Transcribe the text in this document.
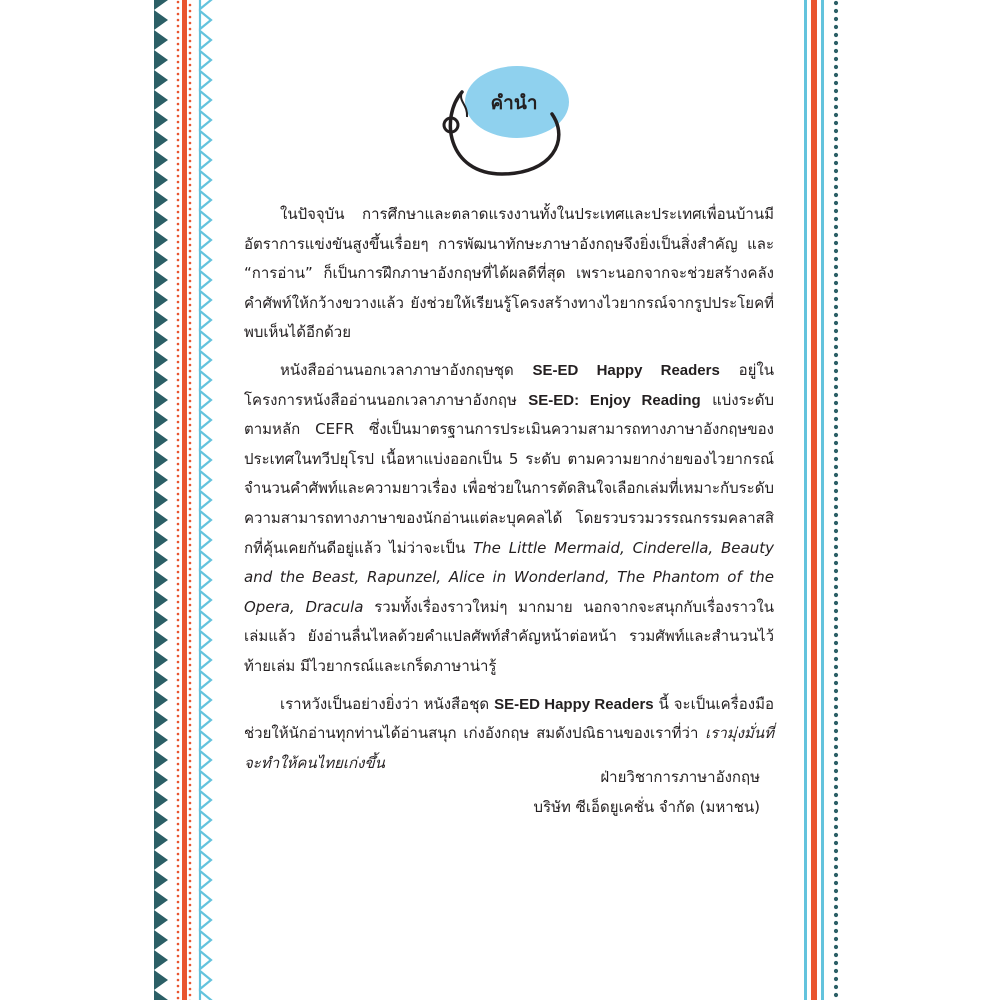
คำนำ

ในปัจจุบัน การศึกษาและตลาดแรงงานทั้งในประเทศและประเทศเพื่อนบ้านมีอัตราการแข่งขันสูงขึ้นเรื่อยๆ การพัฒนาทักษะภาษาอังกฤษจึงยิ่งเป็นสิ่งสำคัญ และ “การอ่าน” ก็เป็นการฝึกภาษาอังกฤษที่ได้ผลดีที่สุด เพราะนอกจากจะช่วยสร้างคลังคำศัพท์ให้กว้างขวางแล้ว ยังช่วยให้เรียนรู้โครงสร้างทางไวยากรณ์จากรูปประโยคที่พบเห็นได้อีกด้วย

หนังสืออ่านนอกเวลาภาษาอังกฤษชุด SE-ED Happy Readers อยู่ในโครงการหนังสืออ่านนอกเวลาภาษาอังกฤษ SE-ED: Enjoy Reading แบ่งระดับตามหลัก CEFR ซึ่งเป็นมาตรฐานการประเมินความสามารถทางภาษาอังกฤษของประเทศในทวีปยุโรป เนื้อหาแบ่งออกเป็น 5 ระดับ ตามความยากง่ายของไวยากรณ์ จำนวนคำศัพท์และความยาวเรื่อง เพื่อช่วยในการตัดสินใจเลือกเล่มที่เหมาะกับระดับความสามารถทางภาษาของนักอ่านแต่ละบุคคลได้ โดยรวบรวมวรรณกรรมคลาสสิกที่คุ้นเคยกันดีอยู่แล้ว ไม่ว่าจะเป็น The Little Mermaid, Cinderella, Beauty and the Beast, Rapunzel, Alice in Wonderland, The Phantom of the Opera, Dracula รวมทั้งเรื่องราวใหม่ๆ มากมาย นอกจากจะสนุกกับเรื่องราวในเล่มแล้ว ยังอ่านลื่นไหลด้วยคำแปลศัพท์สำคัญหน้าต่อหน้า รวมศัพท์และสำนวนไว้ท้ายเล่ม มีไวยากรณ์และเกร็ดภาษาน่ารู้

เราหวังเป็นอย่างยิ่งว่า หนังสือชุด SE-ED Happy Readers นี้ จะเป็นเครื่องมือช่วยให้นักอ่านทุกท่านได้อ่านสนุก เก่งอังกฤษ สมดังปณิธานของเราที่ว่า เรามุ่งมั่นที่จะทำให้คนไทยเก่งขึ้น

ฝ่ายวิชาการภาษาอังกฤษ
บริษัท ซีเอ็ดยูเคชั่น จำกัด (มหาชน)
